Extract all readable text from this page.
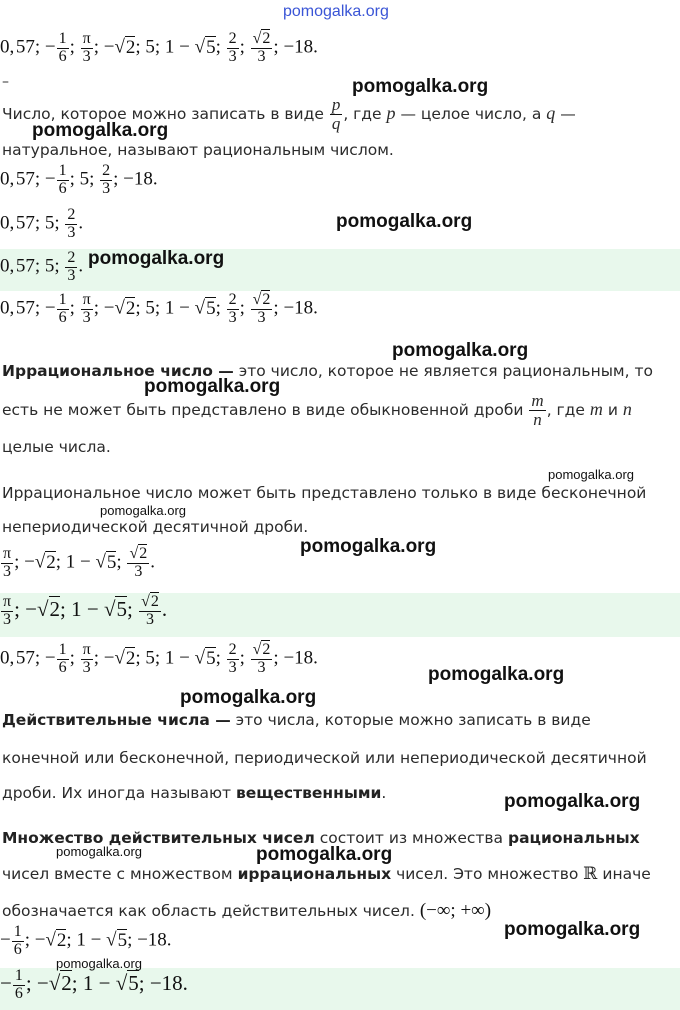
pomogalka.org
0, 57; − $\frac{1}{6}$ ; $\frac{\pi}{3}$ ; −√2; 5; 1 − √5; $\frac{2}{3}$ ; $\frac{√2}{3}$ ; −18.
–
Число, которое можно записать в виде $\frac{p}{q}$ , где p — целое число, а q —
натуральное, называют рациональным числом.
0, 57; − $\frac{1}{6}$ ; 5; $\frac{2}{3}$ ; −18.
0, 57; 5; $\frac{2}{3}$ .
0, 57; 5; $\frac{2}{3}$ .
0, 57; − $\frac{1}{6}$ ; $\frac{\pi}{3}$ ; −√2; 5; 1 − √5; $\frac{2}{3}$ ; $\frac{√2}{3}$ ; −18.
Иррациональное число — это число, которое не является рациональным, то
есть не может быть представлено в виде обыкновенной дроби $\frac{m}{n}$ , где m и n
целые числа.
Иррациональное число может быть представлено только в виде бесконечной
непериодической десятичной дроби.
$\frac{\pi}{3}$ ; −√2; 1 − √5; $\frac{√2}{3}$ .
$\frac{\pi}{3}$ ; −√2; 1 − √5; $\frac{√2}{3}$ .
0, 57; − $\frac{1}{6}$ ; $\frac{\pi}{3}$ ; −√2; 5; 1 − √5; $\frac{2}{3}$ ; $\frac{√2}{3}$ ; −18.
Действительные числа — это числа, которые можно записать в виде
конечной или бесконечной, периодической или непериодической десятичной
дроби. Их иногда называют вещественными.
Множество действительных чисел состоит из множества рациональных
чисел вместе с множеством иррациональных чисел. Это множество ℝ иначе
обозначается как область действительных чисел. (−∞; +∞)
− $\frac{1}{6}$ ; −√2; 1 − √5; −18.
− $\frac{1}{6}$ ; −√2; 1 − √5; −18.
pomogalka.org
pomogalka.org
pomogalka.org
pomogalka.org
pomogalka.org
pomogalka.org
pomogalka.org
pomogalka.org
pomogalka.org
pomogalka.org
pomogalka.org
pomogalka.org
pomogalka.org	pomogalka.org
pomogalka.org
pomogalka.org
